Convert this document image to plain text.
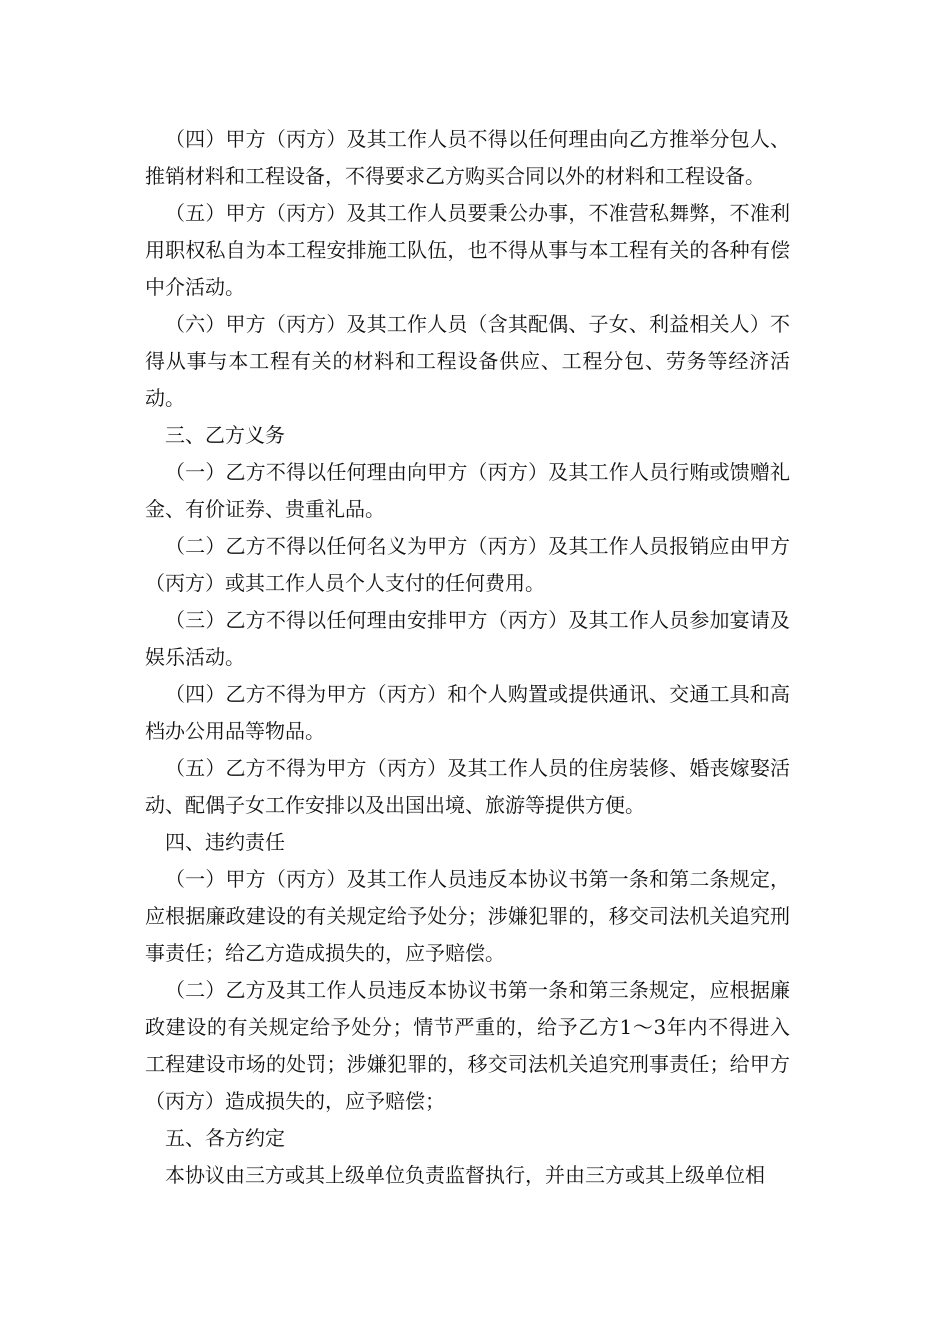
（四）甲方（丙方）及其工作人员不得以任何理由向乙方推举分包人、推销材料和工程设备，不得要求乙方购买合同以外的材料和工程设备。

（五）甲方（丙方）及其工作人员要秉公办事，不准营私舞弊，不准利用职权私自为本工程安排施工队伍，也不得从事与本工程有关的各种有偿中介活动。

（六）甲方（丙方）及其工作人员（含其配偶、子女、利益相关人）不得从事与本工程有关的材料和工程设备供应、工程分包、劳务等经济活动。

三、乙方义务

（一）乙方不得以任何理由向甲方（丙方）及其工作人员行贿或馈赠礼金、有价证券、贵重礼品。

（二）乙方不得以任何名义为甲方（丙方）及其工作人员报销应由甲方（丙方）或其工作人员个人支付的任何费用。

（三）乙方不得以任何理由安排甲方（丙方）及其工作人员参加宴请及娱乐活动。

（四）乙方不得为甲方（丙方）和个人购置或提供通讯、交通工具和高档办公用品等物品。

（五）乙方不得为甲方（丙方）及其工作人员的住房装修、婚丧嫁娶活动、配偶子女工作安排以及出国出境、旅游等提供方便。

四、违约责任

（一）甲方（丙方）及其工作人员违反本协议书第一条和第二条规定，应根据廉政建设的有关规定给予处分；涉嫌犯罪的，移交司法机关追究刑事责任；给乙方造成损失的，应予赔偿。

（二）乙方及其工作人员违反本协议书第一条和第三条规定，应根据廉政建设的有关规定给予处分；情节严重的，给予乙方1～3年内不得进入工程建设市场的处罚；涉嫌犯罪的，移交司法机关追究刑事责任；给甲方（丙方）造成损失的，应予赔偿；

五、各方约定

本协议由三方或其上级单位负责监督执行，并由三方或其上级单位相
